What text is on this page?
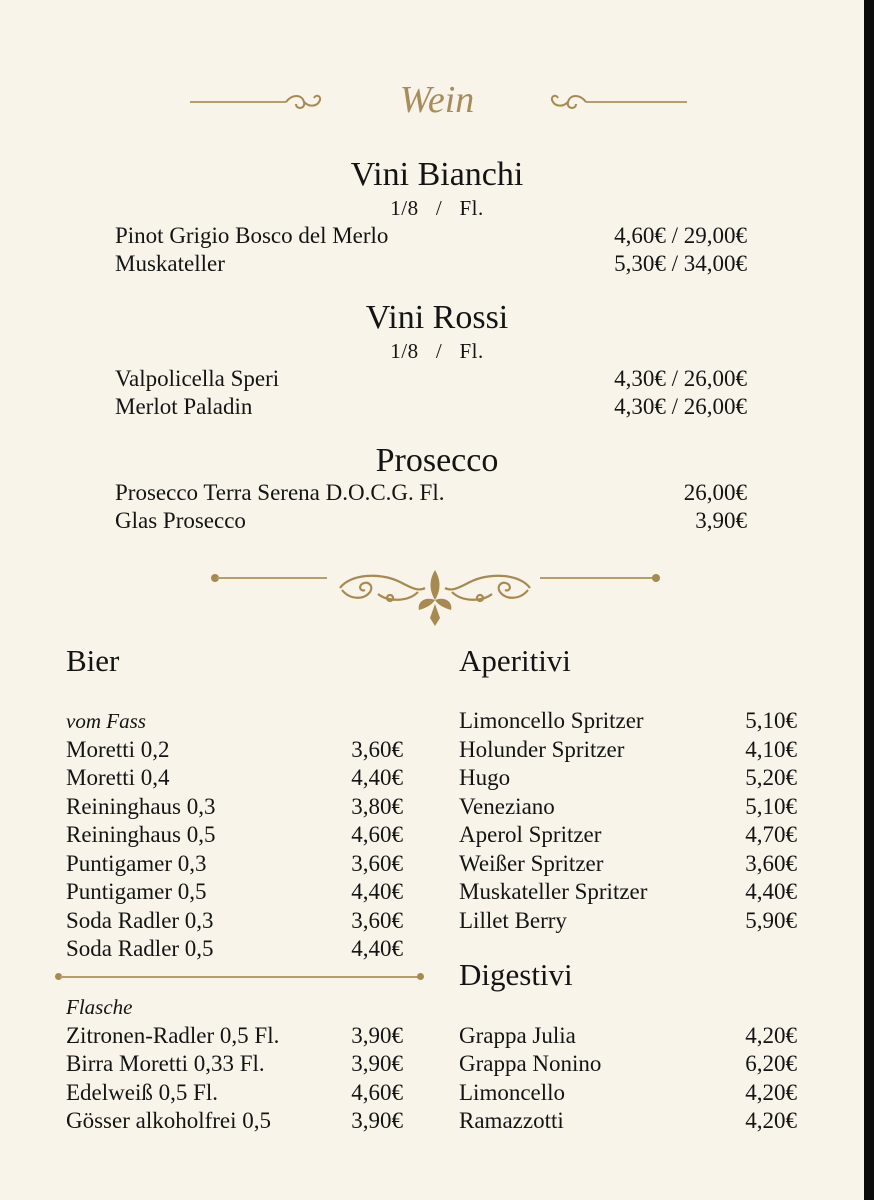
Wein
Vini Bianchi
1/8   /   Fl.
Pinot Grigio Bosco del Merlo	4,60€ / 29,00€
Muskateller	5,30€ / 34,00€
Vini Rossi
1/8   /   Fl.
Valpolicella Speri	4,30€ / 26,00€
Merlot Paladin	4,30€ / 26,00€
Prosecco
Prosecco Terra Serena D.O.C.G. Fl.	26,00€
Glas Prosecco	3,90€
Bier
vom Fass
Moretti 0,2	3,60€
Moretti 0,4	4,40€
Reininghaus 0,3	3,80€
Reininghaus 0,5	4,60€
Puntigamer 0,3	3,60€
Puntigamer 0,5	4,40€
Soda Radler 0,3	3,60€
Soda Radler 0,5	4,40€
Flasche
Zitronen-Radler 0,5 Fl.	3,90€
Birra Moretti 0,33 Fl.	3,90€
Edelweiß 0,5 Fl.	4,60€
Gösser alkoholfrei 0,5	3,90€
Aperitivi
Limoncello Spritzer	5,10€
Holunder Spritzer	4,10€
Hugo	5,20€
Veneziano	5,10€
Aperol Spritzer	4,70€
Weißer Spritzer	3,60€
Muskateller Spritzer	4,40€
Lillet Berry	5,90€
Digestivi
Grappa Julia	4,20€
Grappa Nonino	6,20€
Limoncello	4,20€
Ramazzotti	4,20€
